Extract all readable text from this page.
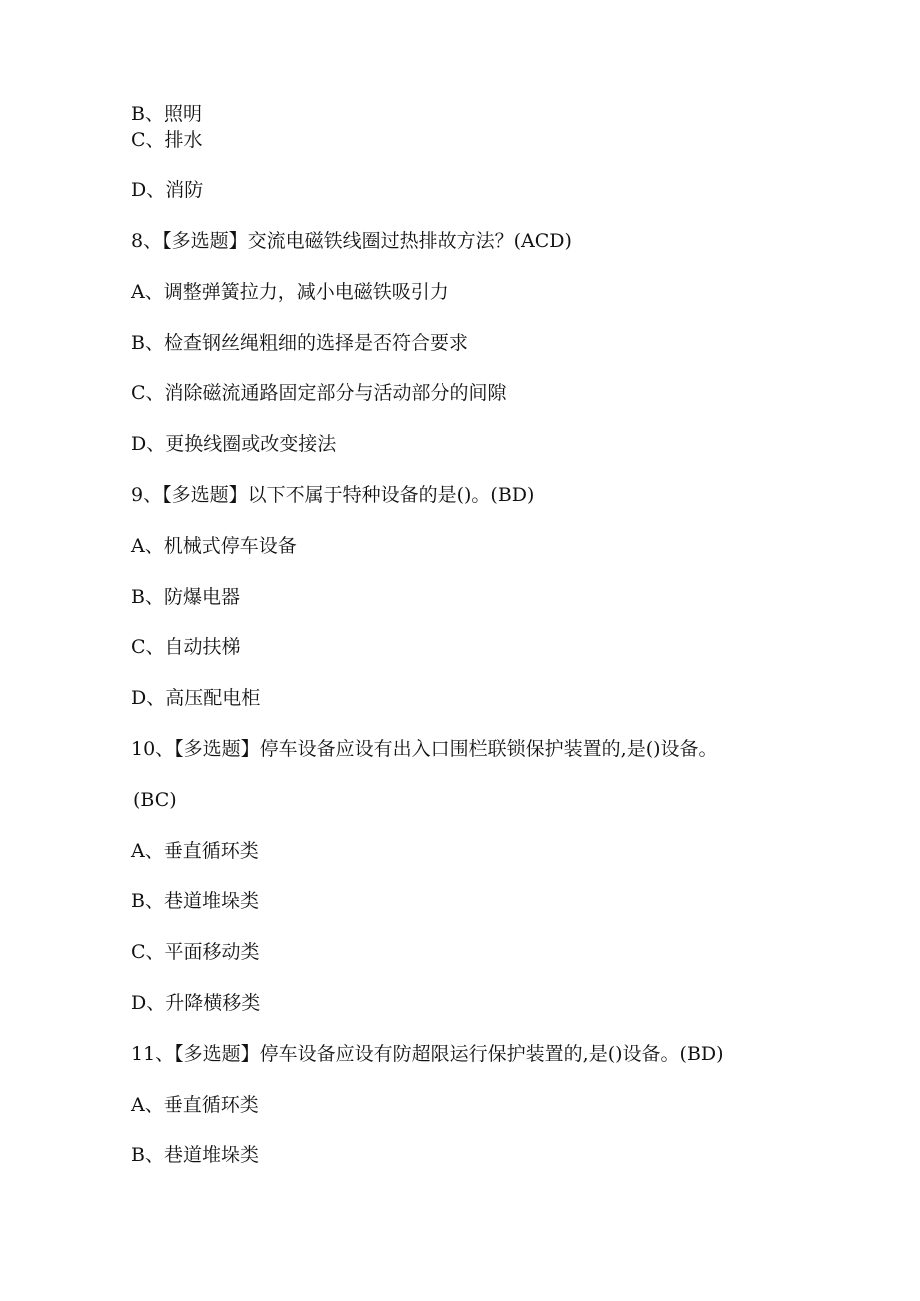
B、照明
C、排水
D、消防
8、【多选题】交流电磁铁线圈过热排故方法？(ACD)
A、调整弹簧拉力，减小电磁铁吸引力
B、检查钢丝绳粗细的选择是否符合要求
C、消除磁流通路固定部分与活动部分的间隙
D、更换线圈或改变接法
9、【多选题】以下不属于特种设备的是()。(BD)
A、机械式停车设备
B、防爆电器
C、自动扶梯
D、高压配电柜
10、【多选题】停车设备应设有出入口围栏联锁保护装置的,是()设备。
(BC)
A、垂直循环类
B、巷道堆垛类
C、平面移动类
D、升降横移类
11、【多选题】停车设备应设有防超限运行保护装置的,是()设备。(BD)
A、垂直循环类
B、巷道堆垛类
